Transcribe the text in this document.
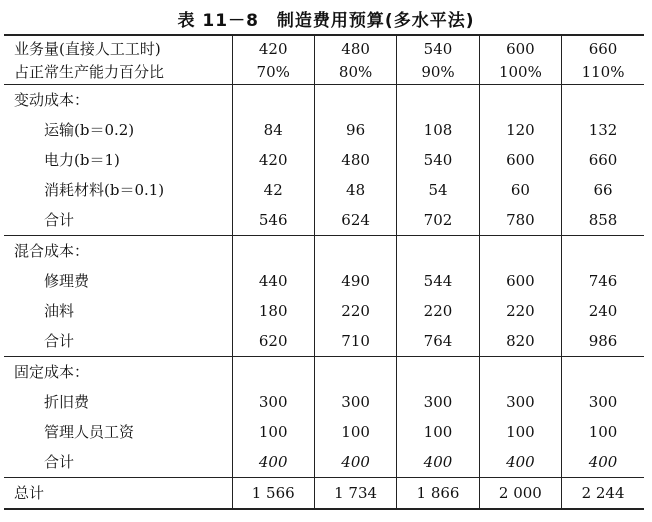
表 11－8　制造费用预算(多水平法)
业务量(直接人工工时)	420	480	540	600	660
占正常生产能力百分比	70%	80%	90%	100%	110%
变动成本：					
运输(b＝0.2)	84	96	108	120	132
电力(b＝1)	420	480	540	600	660
消耗材料(b＝0.1)	42	48	54	60	66
合计	546	624	702	780	858
混合成本：					
修理费	440	490	544	600	746
油料	180	220	220	220	240
合计	620	710	764	820	986
固定成本：					
折旧费	300	300	300	300	300
管理人员工资	100	100	100	100	100
合计	400	400	400	400	400
总计	1 566	1 734	1 866	2 000	2 244
